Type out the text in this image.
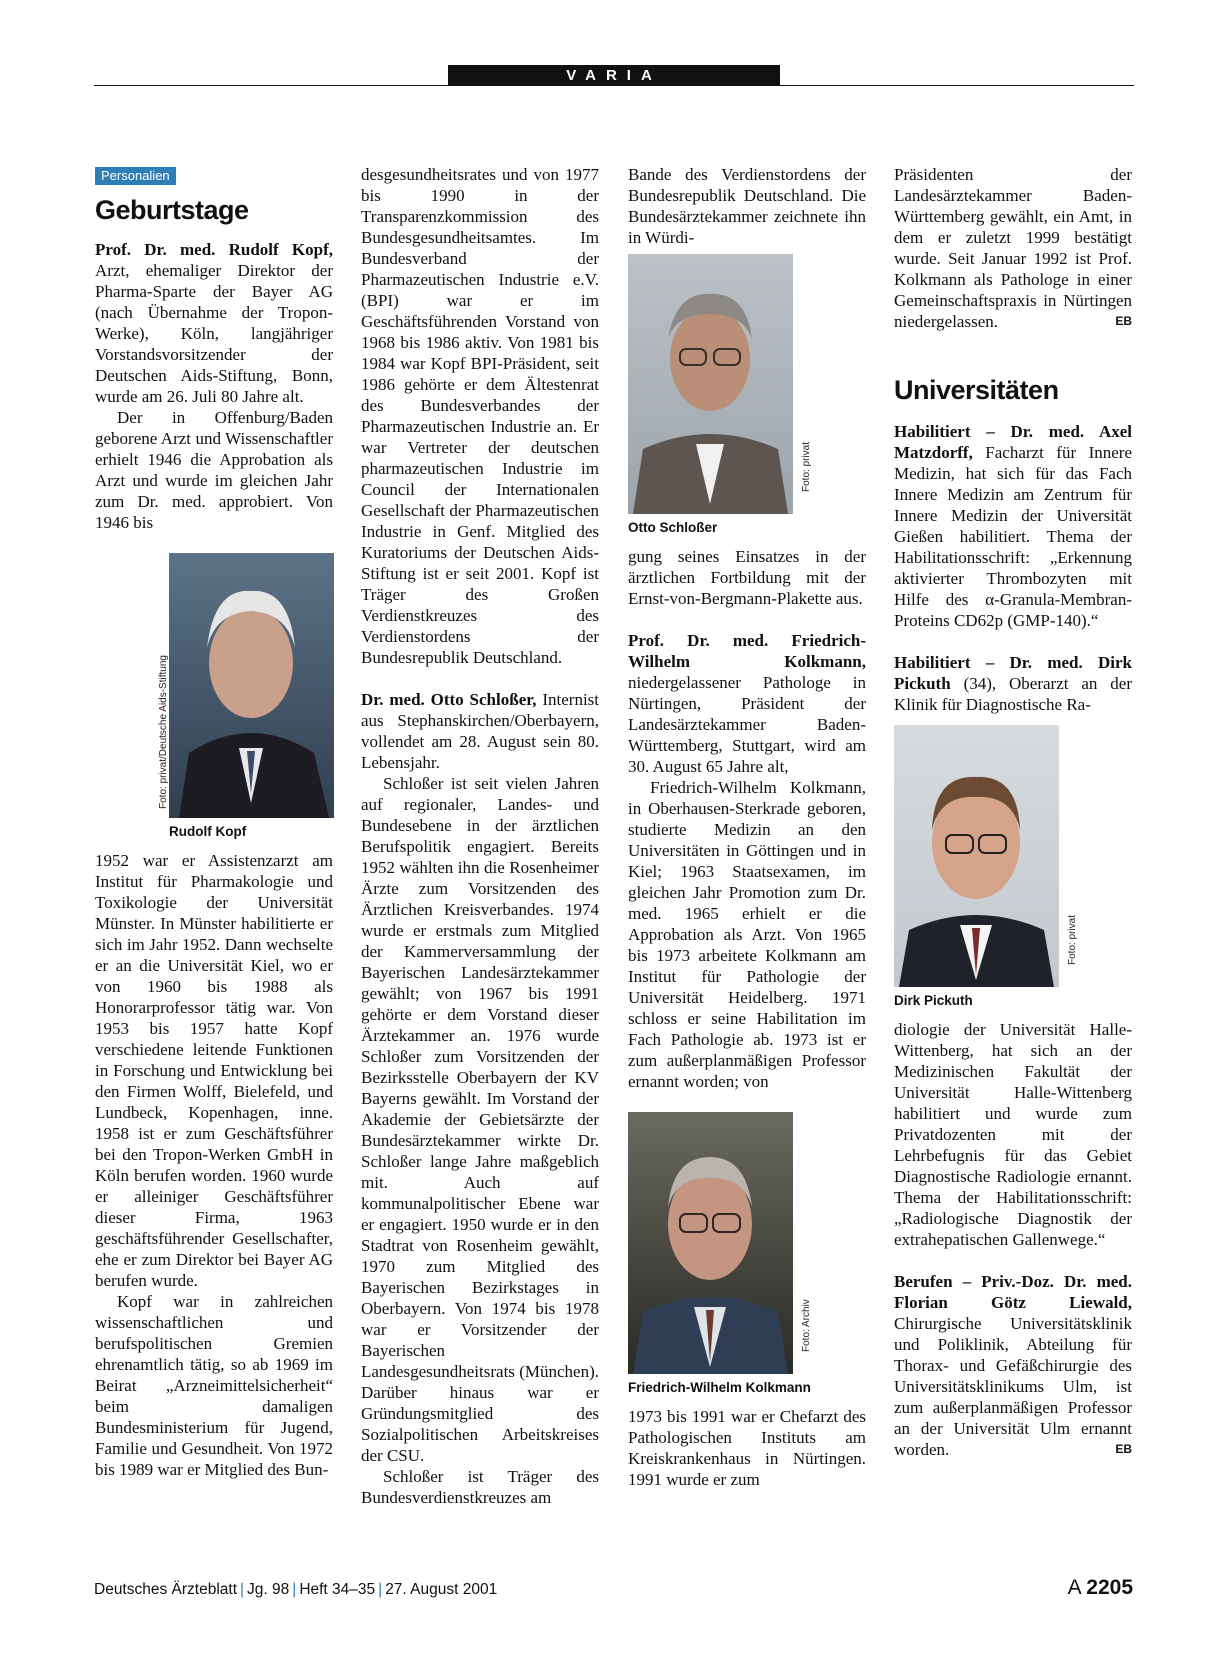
VARIA
Personalien
Geburtstage

Prof. Dr. med. Rudolf Kopf, Arzt, ehemaliger Direktor der Pharma-Sparte der Bayer AG (nach Übernahme der Tropon-Werke), Köln, langjähriger Vorstandsvorsitzender der Deutschen Aids-Stiftung, Bonn, wurde am 26. Juli 80 Jahre alt.

Der in Offenburg/Baden geborene Arzt und Wissenschaftler erhielt 1946 die Approbation als Arzt und wurde im gleichen Jahr zum Dr. med. approbiert. Von 1946 bis

Foto: privat/Deutsche Aids-Stiftung
Rudolf Kopf

1952 war er Assistenzarzt am Institut für Pharmakologie und Toxikologie der Universität Münster. In Münster habilitierte er sich im Jahr 1952. Dann wechselte er an die Universität Kiel, wo er von 1960 bis 1988 als Honorarprofessor tätig war. Von 1953 bis 1957 hatte Kopf verschiedene leitende Funktionen in Forschung und Entwicklung bei den Firmen Wolff, Bielefeld, und Lundbeck, Kopenhagen, inne. 1958 ist er zum Geschäftsführer bei den Tropon-Werken GmbH in Köln berufen worden. 1960 wurde er alleiniger Geschäftsführer dieser Firma, 1963 geschäftsführender Gesellschafter, ehe er zum Direktor bei Bayer AG berufen wurde.

Kopf war in zahlreichen wissenschaftlichen und berufspolitischen Gremien ehrenamtlich tätig, so ab 1969 im Beirat „Arzneimittelsicherheit“ beim damaligen Bundesministerium für Jugend, Familie und Gesundheit. Von 1972 bis 1989 war er Mitglied des Bun-

desgesundheitsrates und von 1977 bis 1990 in der Transparenzkommission des Bundesgesundheitsamtes. Im Bundesverband der Pharmazeutischen Industrie e.V. (BPI) war er im Geschäftsführenden Vorstand von 1968 bis 1986 aktiv. Von 1981 bis 1984 war Kopf BPI-Präsident, seit 1986 gehörte er dem Ältestenrat des Bundesverbandes der Pharmazeutischen Industrie an. Er war Vertreter der deutschen pharmazeutischen Industrie im Council der Internationalen Gesellschaft der Pharmazeutischen Industrie in Genf. Mitglied des Kuratoriums der Deutschen Aids-Stiftung ist er seit 2001. Kopf ist Träger des Großen Verdienstkreuzes des Verdienstordens der Bundesrepublik Deutschland.

Dr. med. Otto Schloßer, Internist aus Stephanskirchen/Oberbayern, vollendet am 28. August sein 80. Lebensjahr.

Schloßer ist seit vielen Jahren auf regionaler, Landes- und Bundesebene in der ärztlichen Berufspolitik engagiert. Bereits 1952 wählten ihn die Rosenheimer Ärzte zum Vorsitzenden des Ärztlichen Kreisverbandes. 1974 wurde er erstmals zum Mitglied der Kammerversammlung der Bayerischen Landesärztekammer gewählt; von 1967 bis 1991 gehörte er dem Vorstand dieser Ärztekammer an. 1976 wurde Schloßer zum Vorsitzenden der Bezirksstelle Oberbayern der KV Bayerns gewählt. Im Vorstand der Akademie der Gebietsärzte der Bundesärztekammer wirkte Dr. Schloßer lange Jahre maßgeblich mit. Auch auf kommunalpolitischer Ebene war er engagiert. 1950 wurde er in den Stadtrat von Rosenheim gewählt, 1970 zum Mitglied des Bayerischen Bezirkstages in Oberbayern. Von 1974 bis 1978 war er Vorsitzender der Bayerischen Landesgesundheitsrats (München). Darüber hinaus war er Gründungsmitglied des Sozialpolitischen Arbeitskreises der CSU.

Schloßer ist Träger des Bundesverdienstkreuzes am

Bande des Verdienstordens der Bundesrepublik Deutschland. Die Bundesärztekammer zeichnete ihn in Würdi-

Foto: privat
Otto Schloßer

gung seines Einsatzes in der ärztlichen Fortbildung mit der Ernst-von-Bergmann-Plakette aus.

Prof. Dr. med. Friedrich-Wilhelm Kolkmann, niedergelassener Pathologe in Nürtingen, Präsident der Landesärztekammer Baden-Württemberg, Stuttgart, wird am 30. August 65 Jahre alt,

Friedrich-Wilhelm Kolkmann, in Oberhausen-Sterkrade geboren, studierte Medizin an den Universitäten in Göttingen und in Kiel; 1963 Staatsexamen, im gleichen Jahr Promotion zum Dr. med. 1965 erhielt er die Approbation als Arzt. Von 1965 bis 1973 arbeitete Kolkmann am Institut für Pathologie der Universität Heidelberg. 1971 schloss er seine Habilitation im Fach Pathologie ab. 1973 ist er zum außerplanmäßigen Professor ernannt worden; von

Foto: Archiv
Friedrich-Wilhelm Kolkmann

1973 bis 1991 war er Chefarzt des Pathologischen Instituts am Kreiskrankenhaus in Nürtingen. 1991 wurde er zum

Präsidenten der Landesärztekammer Baden-Württemberg gewählt, ein Amt, in dem er zuletzt 1999 bestätigt wurde. Seit Januar 1992 ist Prof. Kolkmann als Pathologe in einer Gemeinschaftspraxis in Nürtingen niedergelassen.	EB

Universitäten

Habilitiert – Dr. med. Axel Matzdorff, Facharzt für Innere Medizin, hat sich für das Fach Innere Medizin am Zentrum für Innere Medizin der Universität Gießen habilitiert. Thema der Habilitationsschrift: „Erkennung aktivierter Thrombozyten mit Hilfe des α-Granula-Membran-Proteins CD62p (GMP-140).“

Habilitiert – Dr. med. Dirk Pickuth (34), Oberarzt an der Klinik für Diagnostische Ra-

Foto: privat
Dirk Pickuth

diologie der Universität Halle-Wittenberg, hat sich an der Medizinischen Fakultät der Universität Halle-Wittenberg habilitiert und wurde zum Privatdozenten mit der Lehrbefugnis für das Gebiet Diagnostische Radiologie ernannt. Thema der Habilitationsschrift: „Radiologische Diagnostik der extrahepatischen Gallenwege.“

Berufen – Priv.-Doz. Dr. med. Florian Götz Liewald, Chirurgische Universitätsklinik und Poliklinik, Abteilung für Thorax- und Gefäßchirurgie des Universitätsklinikums Ulm, ist zum außerplanmäßigen Professor an der Universität Ulm ernannt worden.	EB

Deutsches Ärzteblatt | Jg. 98 | Heft 34–35 | 27. August 2001	A 2205
